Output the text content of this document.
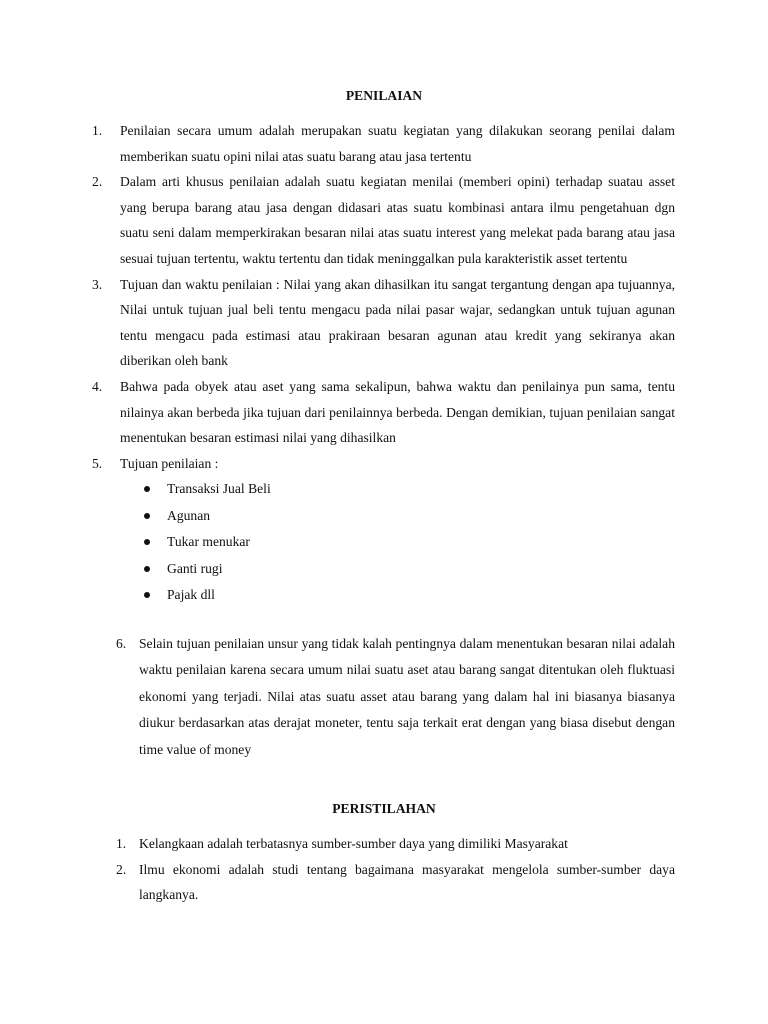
PENILAIAN
1. Penilaian secara umum adalah merupakan suatu kegiatan yang dilakukan seorang penilai dalam memberikan suatu opini nilai atas suatu barang atau jasa tertentu
2. Dalam arti khusus penilaian adalah suatu kegiatan menilai (memberi opini) terhadap suatau asset yang berupa barang atau jasa dengan didasari atas suatu kombinasi antara ilmu pengetahuan dgn suatu seni dalam memperkirakan besaran nilai atas suatu interest yang melekat pada barang atau jasa sesuai tujuan tertentu, waktu tertentu dan tidak meninggalkan pula karakteristik asset tertentu
3. Tujuan dan waktu penilaian : Nilai yang akan dihasilkan itu sangat tergantung dengan apa tujuannya, Nilai untuk tujuan jual beli tentu mengacu pada nilai pasar wajar, sedangkan untuk tujuan agunan tentu mengacu pada estimasi atau prakiraan besaran agunan atau kredit yang sekiranya akan diberikan oleh bank
4. Bahwa pada obyek atau aset yang sama sekalipun, bahwa waktu dan penilainya pun sama, tentu nilainya akan berbeda jika tujuan dari penilainnya berbeda. Dengan demikian, tujuan penilaian sangat menentukan besaran estimasi nilai yang dihasilkan
5. Tujuan penilaian :
Transaksi Jual Beli
Agunan
Tukar menukar
Ganti rugi
Pajak dll
6. Selain tujuan penilaian unsur yang tidak kalah pentingnya dalam menentukan besaran nilai adalah waktu penilaian karena secara umum nilai suatu aset atau barang sangat ditentukan oleh fluktuasi ekonomi yang terjadi. Nilai atas suatu asset atau barang yang dalam hal ini biasanya biasanya diukur berdasarkan atas derajat moneter, tentu saja terkait erat dengan yang biasa disebut dengan time value of money
PERISTILAHAN
1. Kelangkaan adalah terbatasnya sumber-sumber daya yang dimiliki Masyarakat
2. Ilmu ekonomi adalah studi tentang bagaimana masyarakat mengelola sumber-sumber daya langkanya.
